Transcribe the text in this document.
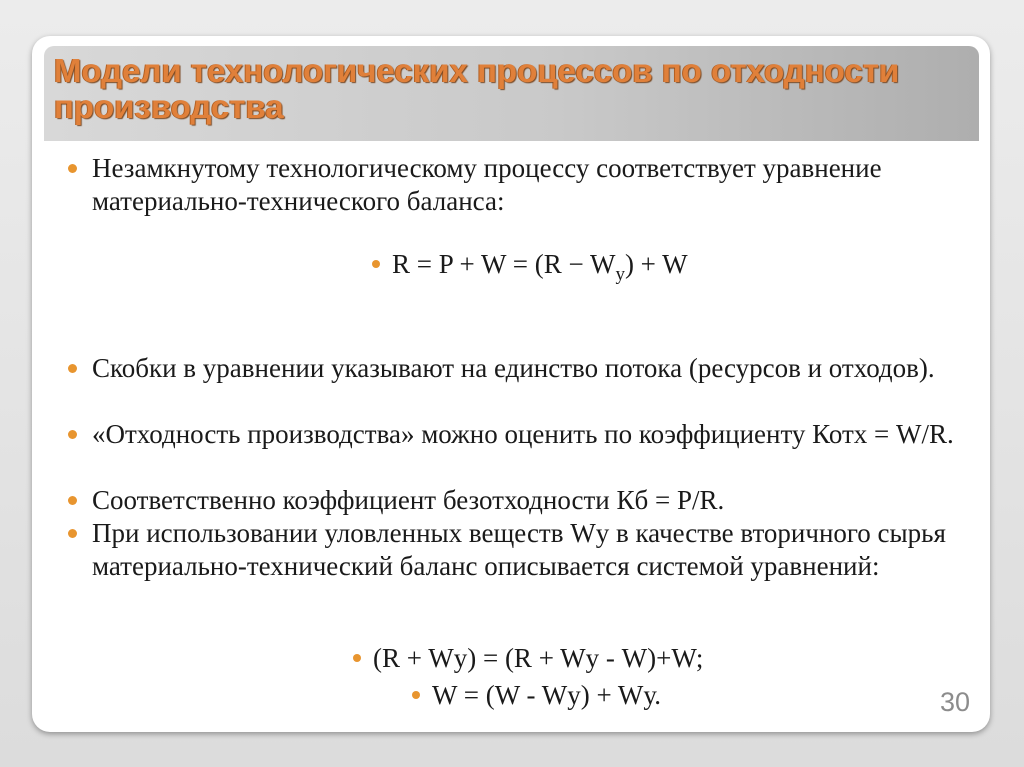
Модели технологических процессов по отходности производства
Незамкнутому технологическому процессу соответствует уравнение материально-технического баланса:
$R = P + W = (R - W_у) + W$
Скобки в уравнении указывают на единство потока (ресурсов и отходов).
«Отходность производства» можно оценить по коэффициенту Котх = W/R.
Соответственно коэффициент безотходности Кб = P/R.
При использовании уловленных веществ Wу в качестве вторичного сырья материально-технический баланс описывается системой уравнений:
(R + Wу) = (R + Wу - W)+W;
W = (W - Wу) + Wу.	30
